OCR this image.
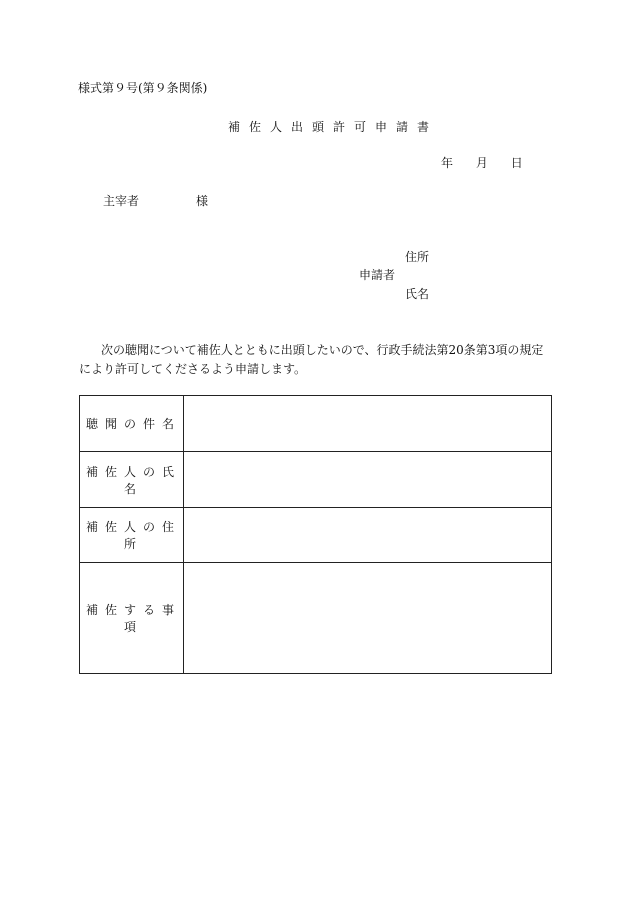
様式第９号(第９条関係)
補佐人出頭許可申請書
年 月 日
主宰者	様
住所
申請者
氏名
次の聴聞について補佐人とともに出頭したいので、行政手続法第20条第3項の規定により許可してくださるよう申請します。
聴聞の件名	
補佐人の氏名	
補佐人の住所	
補佐する事項	
